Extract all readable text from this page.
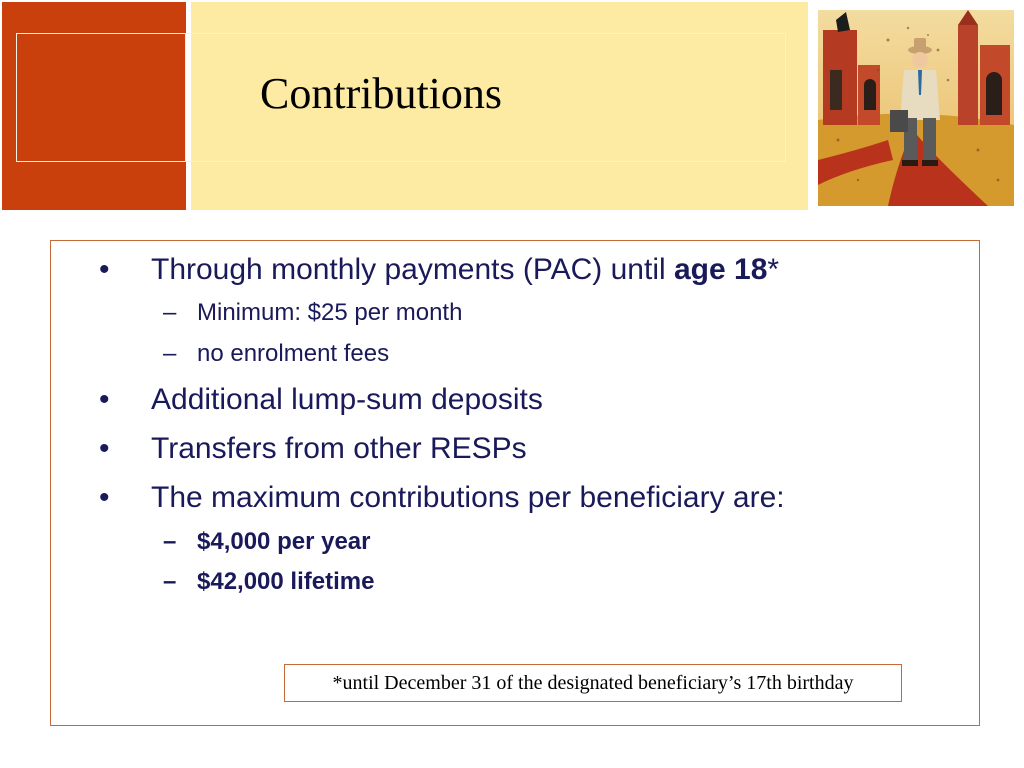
Contributions
• Through monthly payments (PAC) until age 18*
– Minimum: $25 per month
– no enrolment fees
• Additional lump-sum deposits
• Transfers from other RESPs
• The maximum contributions per beneficiary are:
– $4,000 per year
– $42,000 lifetime
*until December 31 of the designated beneficiary’s 17th birthday
